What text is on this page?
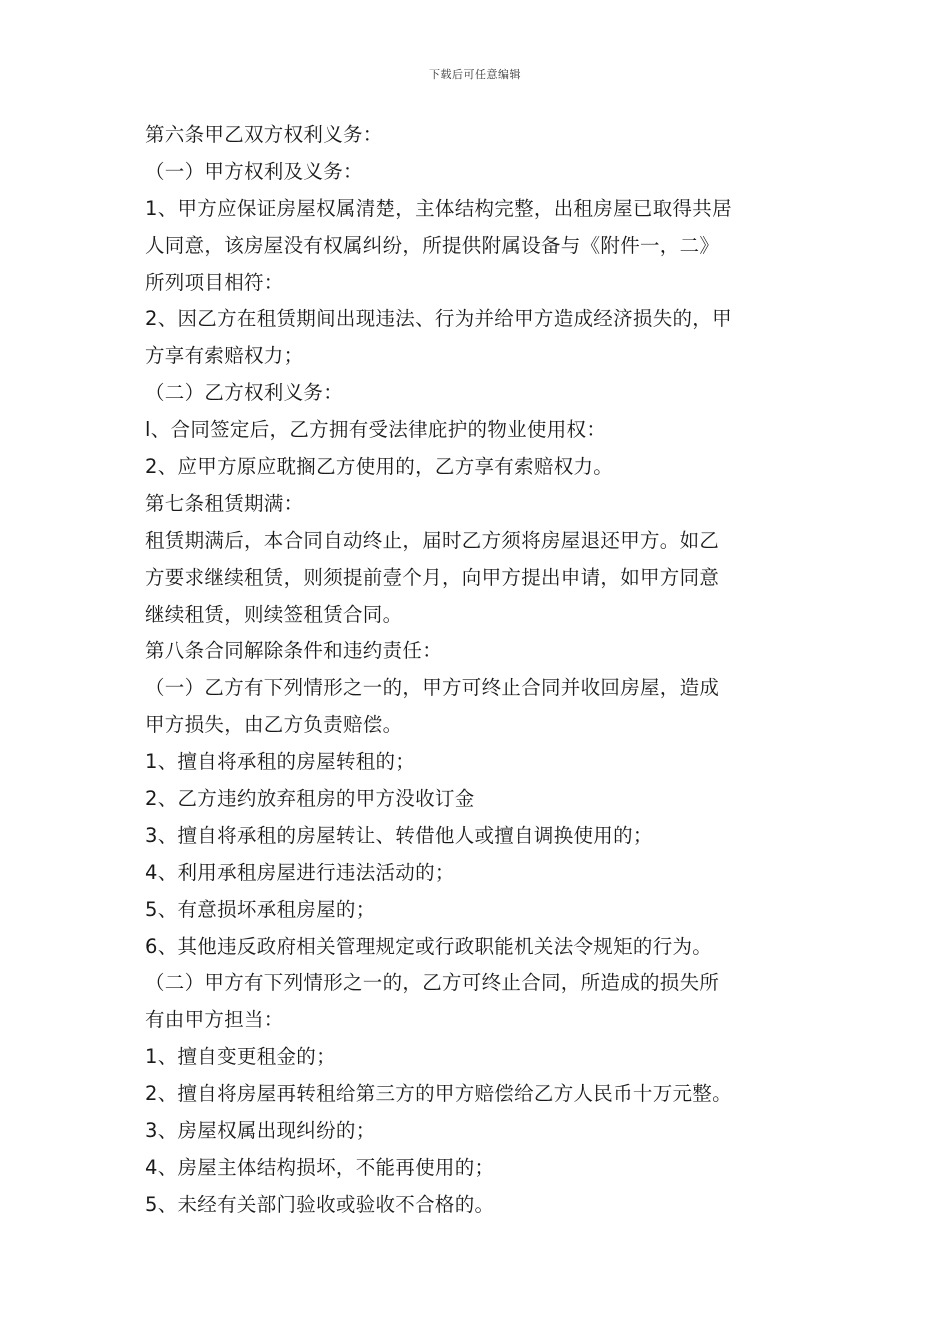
下载后可任意编辑
第六条甲乙双方权利义务：
（一）甲方权利及义务：
1、甲方应保证房屋权属清楚，主体结构完整，出租房屋已取得共居
人同意，该房屋没有权属纠纷，所提供附属设备与《附件一，二》
所列项目相符：
2、因乙方在租赁期间出现违法、行为并给甲方造成经济损失的，甲
方享有索赔权力；
（二）乙方权利义务：
l、合同签定后，乙方拥有受法律庇护的物业使用权：
2、应甲方原应耽搁乙方使用的，乙方享有索赔权力。
第七条租赁期满：
租赁期满后，本合同自动终止，届时乙方须将房屋退还甲方。如乙
方要求继续租赁，则须提前壹个月，向甲方提出申请，如甲方同意
继续租赁，则续签租赁合同。
第八条合同解除条件和违约责任：
（一）乙方有下列情形之一的，甲方可终止合同并收回房屋，造成
甲方损失，由乙方负责赔偿。
1、擅自将承租的房屋转租的；
2、乙方违约放弃租房的甲方没收订金
3、擅自将承租的房屋转让、转借他人或擅自调换使用的；
4、利用承租房屋进行违法活动的；
5、有意损坏承租房屋的；
6、其他违反政府相关管理规定或行政职能机关法令规矩的行为。
（二）甲方有下列情形之一的，乙方可终止合同，所造成的损失所
有由甲方担当：
1、擅自变更租金的；
2、擅自将房屋再转租给第三方的甲方赔偿给乙方人民币十万元整。
3、房屋权属出现纠纷的；
4、房屋主体结构损坏，不能再使用的；
5、未经有关部门验收或验收不合格的。
